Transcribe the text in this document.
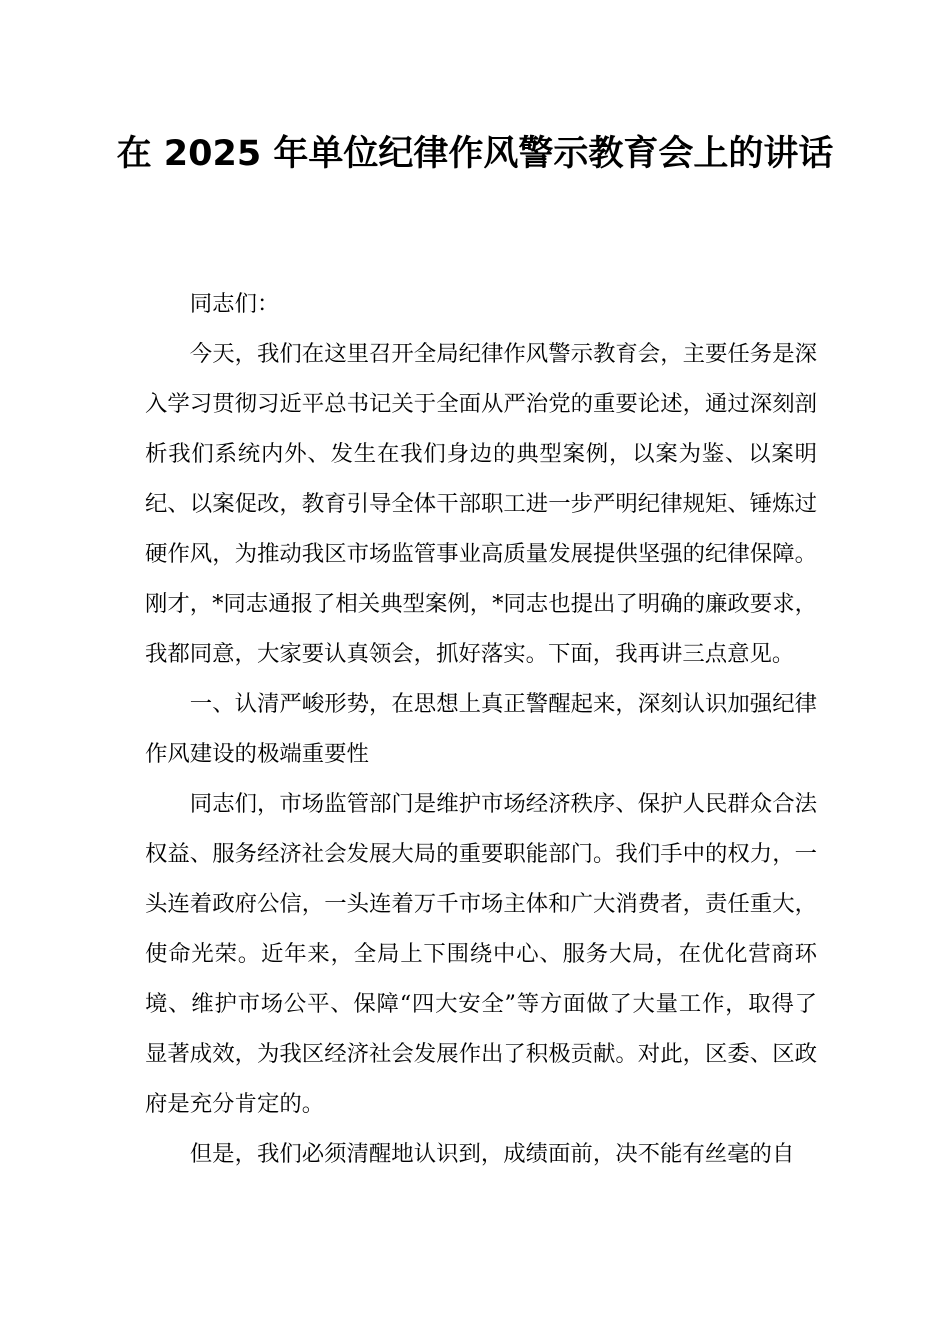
在 2025 年单位纪律作风警示教育会上的讲话

同志们：

今天，我们在这里召开全局纪律作风警示教育会，主要任务是深入学习贯彻习近平总书记关于全面从严治党的重要论述，通过深刻剖析我们系统内外、发生在我们身边的典型案例，以案为鉴、以案明纪、以案促改，教育引导全体干部职工进一步严明纪律规矩、锤炼过硬作风，为推动我区市场监管事业高质量发展提供坚强的纪律保障。刚才，*同志通报了相关典型案例，*同志也提出了明确的廉政要求，我都同意，大家要认真领会，抓好落实。下面，我再讲三点意见。

一、认清严峻形势，在思想上真正警醒起来，深刻认识加强纪律作风建设的极端重要性

同志们，市场监管部门是维护市场经济秩序、保护人民群众合法权益、服务经济社会发展大局的重要职能部门。我们手中的权力，一头连着政府公信，一头连着万千市场主体和广大消费者，责任重大，使命光荣。近年来，全局上下围绕中心、服务大局，在优化营商环境、维护市场公平、保障“四大安全”等方面做了大量工作，取得了显著成效，为我区经济社会发展作出了积极贡献。对此，区委、区政府是充分肯定的。

但是，我们必须清醒地认识到，成绩面前，决不能有丝毫的自
